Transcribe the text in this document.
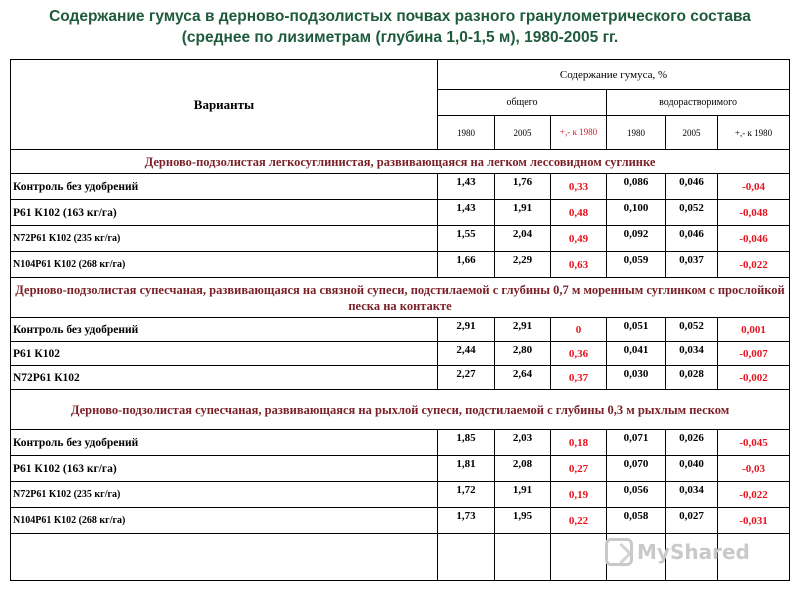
Содержание гумуса в дерново-подзолистых почвах разного гранулометрического состава (среднее по лизиметрам (глубина 1,0-1,5 м), 1980-2005 гг.
Варианты	Содержание гумуса, %					
	общего			водорастворимого		
	1980	2005	+,- к 1980	1980	2005	+,- к 1980
Дерново-подзолистая легкосуглинистая, развивающаяся на легком лессовидном суглинке						
Контроль без удобрений	1,43	1,76	0,33	0,086	0,046	-0,04
Р61 К102 (163 кг/га)	1,43	1,91	0,48	0,100	0,052	-0,048
N72Р61 К102 (235 кг/га)	1,55	2,04	0,49	0,092	0,046	-0,046
N104Р61 К102 (268 кг/га)	1,66	2,29	0,63	0,059	0,037	-0,022
Дерново-подзолистая супесчаная, развивающаяся на связной супеси, подстилаемой с глубины 0,7 м моренным суглинком с прослойкой песка на контакте						
Контроль без удобрений	2,91	2,91	0	0,051	0,052	0,001
Р61 К102	2,44	2,80	0,36	0,041	0,034	-0,007
N72Р61 К102	2,27	2,64	0,37	0,030	0,028	-0,002
Дерново-подзолистая супесчаная, развивающаяся на рыхлой супеси, подстилаемой с глубины 0,3 м рыхлым песком						
Контроль без удобрений	1,85	2,03	0,18	0,071	0,026	-0,045
Р61 К102 (163 кг/га)	1,81	2,08	0,27	0,070	0,040	-0,03
N72Р61 К102 (235 кг/га)	1,72	1,91	0,19	0,056	0,034	-0,022
N104Р61 К102 (268 кг/га)	1,73	1,95	0,22	0,058	0,027	-0,031

MyShared
